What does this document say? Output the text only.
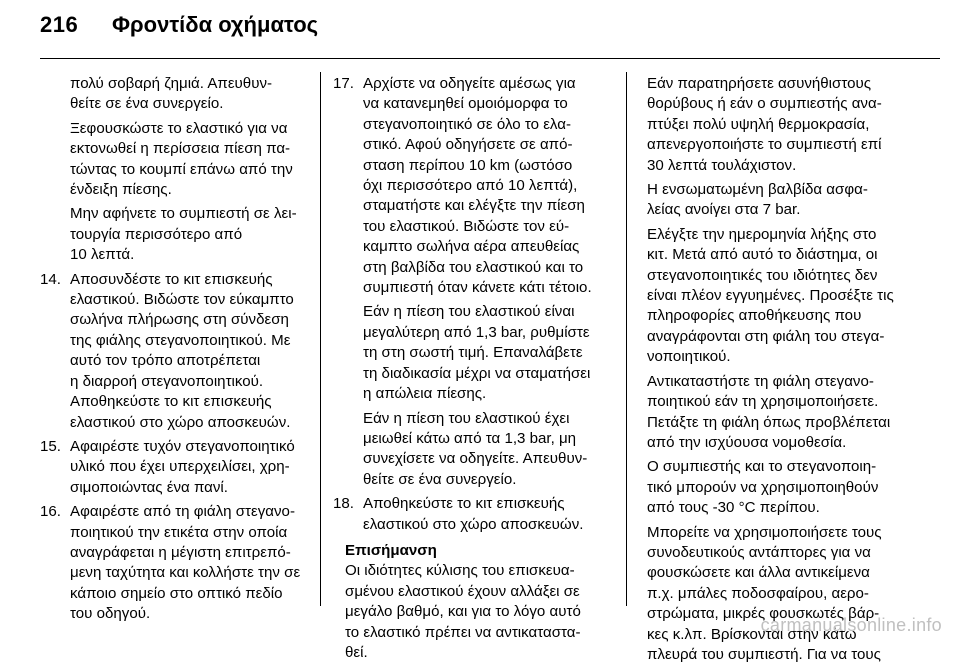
216	Φροντίδα οχήματος
πολύ σοβαρή ζημιά. Απευθυν-
θείτε σε ένα συνεργείο.
Ξεφουσκώστε το ελαστικό για να
εκτονωθεί η περίσσεια πίεση πα-
τώντας το κουμπί επάνω από την
ένδειξη πίεσης.
Μην αφήνετε το συμπιεστή σε λει-
τουργία περισσότερο από
10 λεπτά.
14. Αποσυνδέστε το κιτ επισκευής
ελαστικού. Βιδώστε τον εύκαμπτο
σωλήνα πλήρωσης στη σύνδεση
της φιάλης στεγανοποιητικού. Με
αυτό τον τρόπο αποτρέπεται
η διαρροή στεγανοποιητικού.
Αποθηκεύστε το κιτ επισκευής
ελαστικού στο χώρο αποσκευών.
15. Αφαιρέστε τυχόν στεγανοποιητικό
υλικό που έχει υπερχειλίσει, χρη-
σιμοποιώντας ένα πανί.
16. Αφαιρέστε από τη φιάλη στεγανο-
ποιητικού την ετικέτα στην οποία
αναγράφεται η μέγιστη επιτρεπό-
μενη ταχύτητα και κολλήστε την σε
κάποιο σημείο στο οπτικό πεδίο
του οδηγού.
17. Αρχίστε να οδηγείτε αμέσως για
να κατανεμηθεί ομοιόμορφα το
στεγανοποιητικό σε όλο το ελα-
στικό. Αφού οδηγήσετε σε από-
σταση περίπου 10 km (ωστόσο
όχι περισσότερο από 10 λεπτά),
σταματήστε και ελέγξτε την πίεση
του ελαστικού. Βιδώστε τον εύ-
καμπτο σωλήνα αέρα απευθείας
στη βαλβίδα του ελαστικού και το
συμπιεστή όταν κάνετε κάτι τέτοιο.
Εάν η πίεση του ελαστικού είναι
μεγαλύτερη από 1,3 bar, ρυθμίστε
τη στη σωστή τιμή. Επαναλάβετε
τη διαδικασία μέχρι να σταματήσει
η απώλεια πίεσης.
Εάν η πίεση του ελαστικού έχει
μειωθεί κάτω από τα 1,3 bar, μη
συνεχίσετε να οδηγείτε. Απευθυν-
θείτε σε ένα συνεργείο.
18. Αποθηκεύστε το κιτ επισκευής
ελαστικού στο χώρο αποσκευών.
Επισήμανση
Οι ιδιότητες κύλισης του επισκευα-
σμένου ελαστικού έχουν αλλάξει σε
μεγάλο βαθμό, και για το λόγο αυτό
το ελαστικό πρέπει να αντικαταστα-
θεί.
Εάν παρατηρήσετε ασυνήθιστους
θορύβους ή εάν ο συμπιεστής ανα-
πτύξει πολύ υψηλή θερμοκρασία,
απενεργοποιήστε το συμπιεστή επί
30 λεπτά τουλάχιστον.
Η ενσωματωμένη βαλβίδα ασφα-
λείας ανοίγει στα 7 bar.
Ελέγξτε την ημερομηνία λήξης στο
κιτ. Μετά από αυτό το διάστημα, οι
στεγανοποιητικές του ιδιότητες δεν
είναι πλέον εγγυημένες. Προσέξτε τις
πληροφορίες αποθήκευσης που
αναγράφονται στη φιάλη του στεγα-
νοποιητικού.
Αντικαταστήστε τη φιάλη στεγανο-
ποιητικού εάν τη χρησιμοποιήσετε.
Πετάξτε τη φιάλη όπως προβλέπεται
από την ισχύουσα νομοθεσία.
Ο συμπιεστής και το στεγανοποιη-
τικό μπορούν να χρησιμοποιηθούν
από τους -30 °C περίπου.
Μπορείτε να χρησιμοποιήσετε τους
συνοδευτικούς αντάπτορες για να
φουσκώσετε και άλλα αντικείμενα
π.χ. μπάλες ποδοσφαίρου, αερο-
στρώματα, μικρές φουσκωτές βάρ-
κες κ.λπ. Βρίσκονται στην κάτω
πλευρά του συμπιεστή. Για να τους
carmanualsonline.info
